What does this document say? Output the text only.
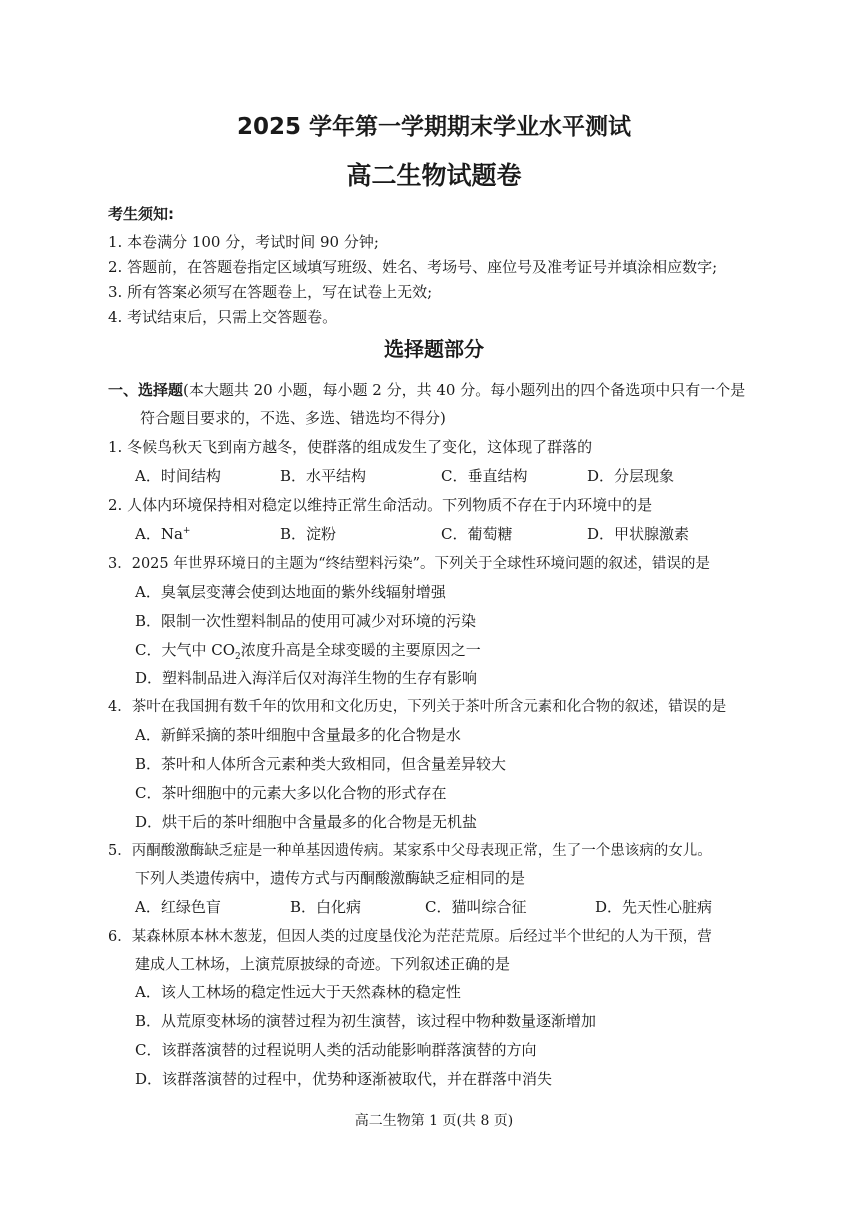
2025 学年第一学期期末学业水平测试
高二生物试题卷
考生须知:
1. 本卷满分 100 分，考试时间 90 分钟;
2. 答题前，在答题卷指定区域填写班级、姓名、考场号、座位号及准考证号并填涂相应数字;
3. 所有答案必须写在答题卷上，写在试卷上无效;
4. 考试结束后，只需上交答题卷。
选择题部分
一、选择题(本大题共 20 小题，每小题 2 分，共 40 分。每小题列出的四个备选项中只有一个是
符合题目要求的，不选、多选、错选均不得分)
1. 冬候鸟秋天飞到南方越冬，使群落的组成发生了变化，这体现了群落的
A．时间结构	B．水平结构	C．垂直结构	D．分层现象
2. 人体内环境保持相对稳定以维持正常生命活动。下列物质不存在于内环境中的是
A．Na+	B．淀粉	C．葡萄糖	D．甲状腺激素
3．2025 年世界环境日的主题为“终结塑料污染”。下列关于全球性环境问题的叙述，错误的是
A．臭氧层变薄会使到达地面的紫外线辐射增强
B．限制一次性塑料制品的使用可减少对环境的污染
C．大气中 $CO_2$浓度升高是全球变暖的主要原因之一
D．塑料制品进入海洋后仅对海洋生物的生存有影响
4．茶叶在我国拥有数千年的饮用和文化历史，下列关于茶叶所含元素和化合物的叙述，错误的是
A．新鲜采摘的茶叶细胞中含量最多的化合物是水
B．茶叶和人体所含元素种类大致相同，但含量差异较大
C．茶叶细胞中的元素大多以化合物的形式存在
D．烘干后的茶叶细胞中含量最多的化合物是无机盐
5．丙酮酸激酶缺乏症是一种单基因遗传病。某家系中父母表现正常，生了一个患该病的女儿。
下列人类遗传病中，遗传方式与丙酮酸激酶缺乏症相同的是
A．红绿色盲	B．白化病	C．猫叫综合征	D．先天性心脏病
6．某森林原本林木葱茏，但因人类的过度垦伐沦为茫茫荒原。后经过半个世纪的人为干预，营
建成人工林场，上演荒原披绿的奇迹。下列叙述正确的是
A．该人工林场的稳定性远大于天然森林的稳定性
B．从荒原变林场的演替过程为初生演替，该过程中物种数量逐渐增加
C．该群落演替的过程说明人类的活动能影响群落演替的方向
D．该群落演替的过程中，优势种逐渐被取代，并在群落中消失
高二生物第 1 页(共 8 页)
